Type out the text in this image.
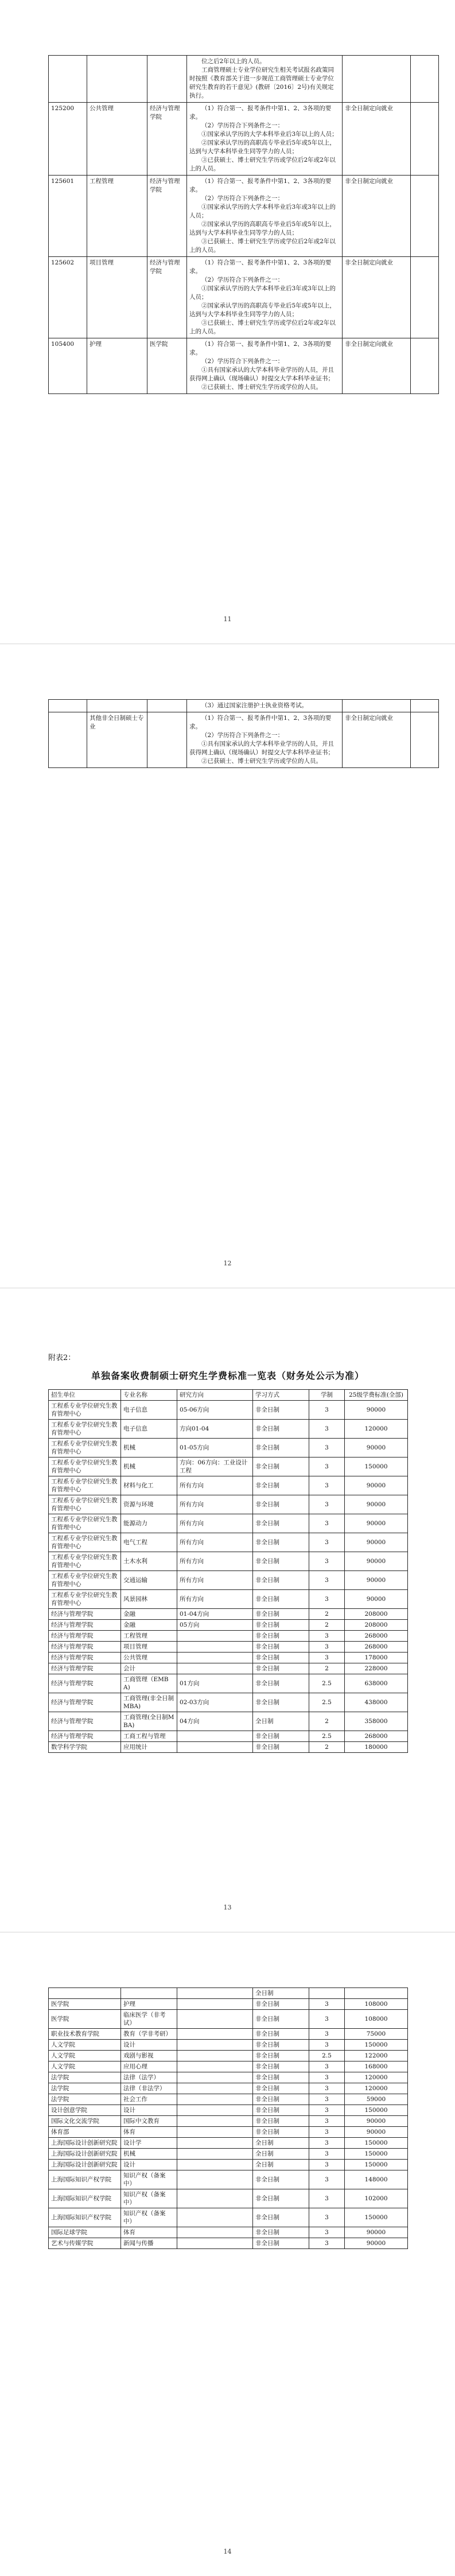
			位之后2年以上的人员。

工商管理硕士专业学位研究生相关考试报名政策同时按照《教育部关于进一步规范工商管理硕士专业学位研究生教育的若干意见》(教研〔2016〕2号)有关规定执行。		

125200	公共管理	经济与管理学院	（1）符合第一、报考条件中第1、2、3各项的要求。

（2）学历符合下列条件之一：

①国家承认学历的大学本科毕业后3年以上的人员；

②国家承认学历的高职高专毕业后5年或5年以上，达到与大学本科毕业生同等学力的人员；

③已获硕士、博士研究生学历或学位后2年或2年以上的人员。	非全日制定向就业	
125601	工程管理	经济与管理学院	（1）符合第一、报考条件中第1、2、3各项的要求。

（2）学历符合下列条件之一：

①国家承认学历的大学本科毕业后3年或3年以上的人员；

②国家承认学历的高职高专毕业后5年或5年以上，达到与大学本科毕业生同等学力的人员；

③已获硕士、博士研究生学历或学位后2年或2年以上的人员。	非全日制定向就业	
125602	项目管理	经济与管理学院	（1）符合第一、报考条件中第1、2、3各项的要求。

（2）学历符合下列条件之一：

①国家承认学历的大学本科毕业后3年或3年以上的人员；

②国家承认学历的高职高专毕业后5年或5年以上，达到与大学本科毕业生同等学力的人员；

③已获硕士、博士研究生学历或学位后2年或2年以上的人员。	非全日制定向就业	
105400	护理	医学院	（1）符合第一、报考条件中第1、2、3各项的要求。

（2）学历符合下列条件之一：

①具有国家承认的大学本科毕业学历的人员，并且获得网上确认（现场确认）时提交大学本科毕业证书；

②已获硕士、博士研究生学历或学位的人员。	非全日制定向就业	
11

			（3）通过国家注册护士执业资格考试。		

	其他非全日制硕士专业		（1）符合第一、报考条件中第1、2、3各项的要求。

（2）学历符合下列条件之一：

①具有国家承认的大学本科毕业学历的人员，并且获得网上确认（现场确认）时提交大学本科毕业证书；

②已获硕士、博士研究生学历或学位的人员。	非全日制定向就业	
12
附表2：
单独备案收费制硕士研究生学费标准一览表（财务处公示为准）
招生单位	专业名称	研究方向	学习方式	学制	25级学费标准(全部)
工程系专业学位研究生教育管理中心	电子信息	05-06方向	非全日制	3	90000
工程系专业学位研究生教育管理中心	电子信息	方向01-04	非全日制	3	120000
工程系专业学位研究生教育管理中心	机械	01-05方向	非全日制	3	90000
工程系专业学位研究生教育管理中心	机械	方向：06方向：工业设计工程	非全日制	3	150000
工程系专业学位研究生教育管理中心	材料与化工	所有方向	非全日制	3	90000
工程系专业学位研究生教育管理中心	资源与环境	所有方向	非全日制	3	90000
工程系专业学位研究生教育管理中心	能源动力	所有方向	非全日制	3	90000
工程系专业学位研究生教育管理中心	电气工程	所有方向	非全日制	3	90000
工程系专业学位研究生教育管理中心	土木水利	所有方向	非全日制	3	90000
工程系专业学位研究生教育管理中心	交通运输	所有方向	非全日制	3	90000
工程系专业学位研究生教育管理中心	风景园林	所有方向	非全日制	3	90000
经济与管理学院	金融	01-04方向	非全日制	2	208000
经济与管理学院	金融	05方向	非全日制	2	208000
经济与管理学院	工程管理		非全日制	3	268000
经济与管理学院	项目管理		非全日制	3	268000
经济与管理学院	公共管理		非全日制	3	178000
经济与管理学院	会计		非全日制	2	228000
经济与管理学院	工商管理（EMBA)	01方向	非全日制	2.5	638000
经济与管理学院	工商管理(非全日制MBA)	02-03方向	非全日制	2.5	438000
经济与管理学院	工商管理(全日制MBA)	04方向	全日制	2	358000
经济与管理学院	工商工程与管理		非全日制	2.5	268000
数学科学学院	应用统计		非全日制	2	180000
13
			全日制		
医学院	护理		非全日制	3	108000
医学院	临床医学（非考试）		非全日制	3	108000
职业技术教育学院	教育（学非考研）		非全日制	3	75000
人文学院	设计		非全日制	3	150000
人文学院	戏剧与影视		非全日制	2.5	122000
人文学院	应用心理		非全日制	3	168000
法学院	法律（法学）		非全日制	3	120000
法学院	法律（非法学）		非全日制	3	120000
法学院	社会工作		非全日制	3	59000
设计创意学院	设计		非全日制	3	150000
国际文化交流学院	国际中文教育		非全日制	3	90000
体育部	体育		非全日制	3	90000
上海国际设计创新研究院	设计学		全日制	3	150000
上海国际设计创新研究院	机械		全日制	3	150000
上海国际设计创新研究院	设计		全日制	3	150000
上海国际知识产权学院	知识产权（备案中）		非全日制	3	148000
上海国际知识产权学院	知识产权（备案中）		非全日制	3	102000
上海国际知识产权学院	知识产权（备案中）		非全日制	3	150000
国际足球学院	体育		非全日制	3	90000
艺术与传媒学院	新闻与传播		非全日制	3	90000
14
